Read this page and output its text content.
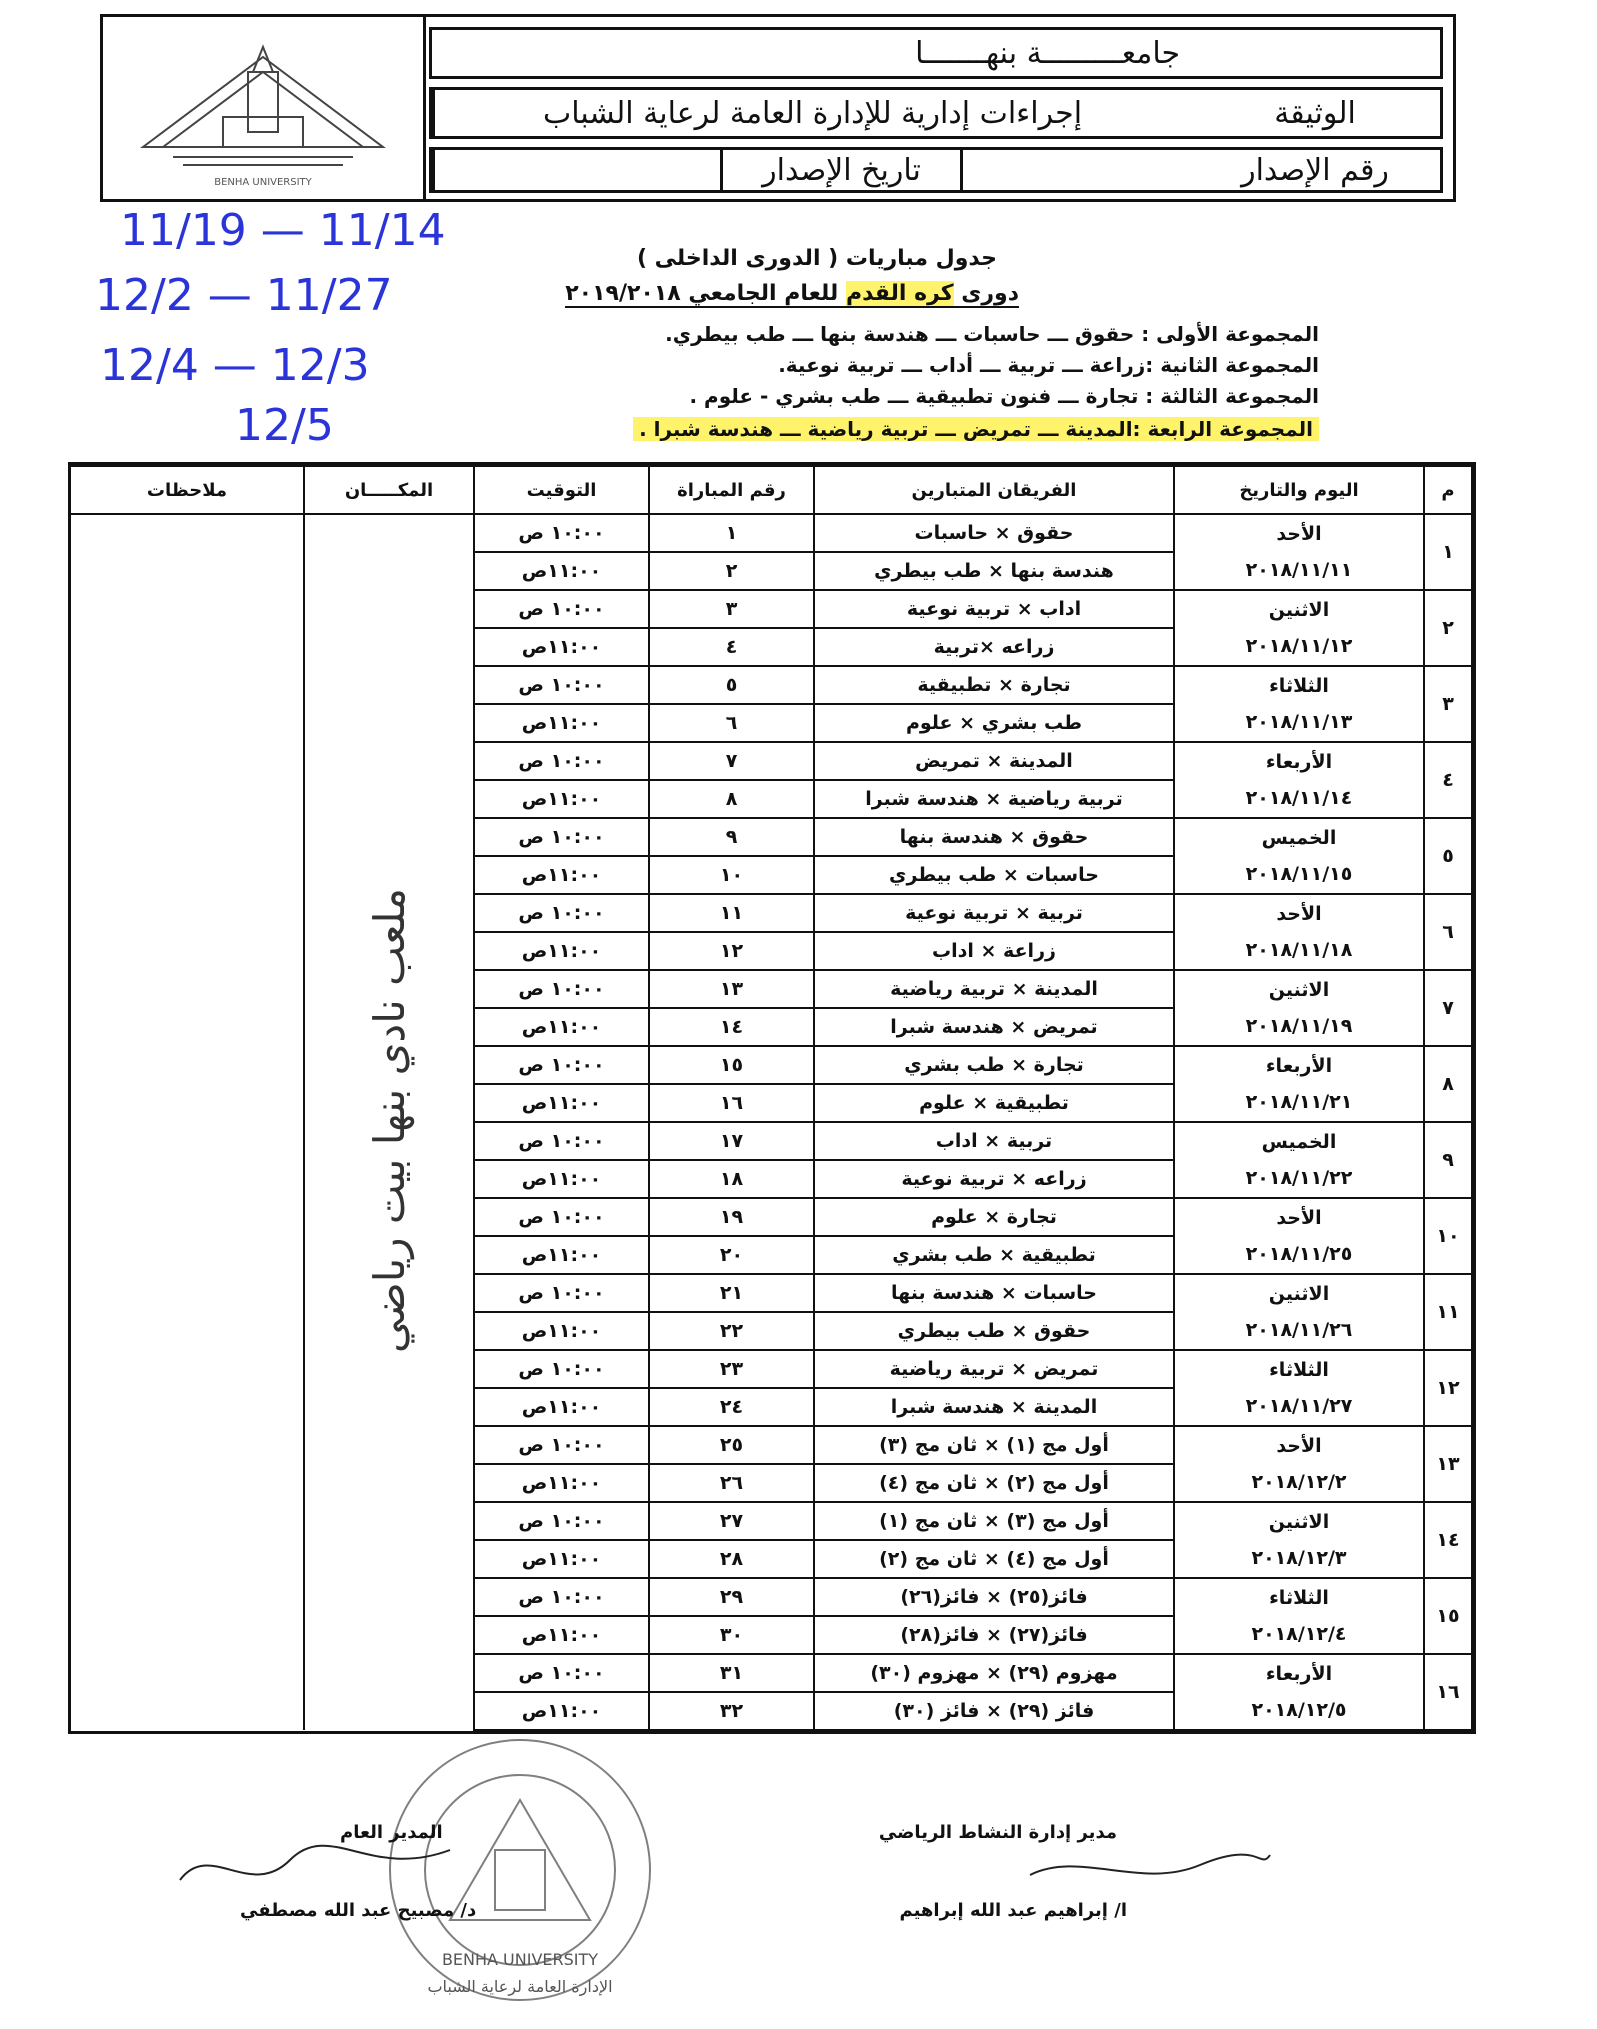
BENHA UNIVERSITY
جامعـــــــــة بنهـــــــا
الوثيقة
إجراءات إدارية للإدارة العامة لرعاية الشباب
رقم الإصدار
تاريخ الإصدار
11/19 — 11/14
12/2 — 11/27
12/4 — 12/3
12/5
جدول مباريات ( الدورى الداخلى )
دورى كره القدم للعام الجامعي ٢٠١٩/٢٠١٨
المجموعة الأولى : حقوق ـــ حاسبات ـــ هندسة بنها ـــ طب بيطري.
المجموعة الثانية :زراعة ـــ تربية ـــ أداب ـــ تربية نوعية.
المجموعة الثالثة : تجارة ـــ فنون تطبيقية ـــ طب بشري - علوم .
المجموعة الرابعة :المدينة ـــ تمريض ـــ تربية رياضية ـــ هندسة شبرا .
م	اليوم والتاريخ	الفريقان المتبارين	رقم المباراة	التوقيت	المكـــــان	ملاحظات
١	الأحد
٢٠١٨/١١/١١	حقوق × حاسبات	١	١٠:٠٠ ص	ملعب نادي بنها بيت رياضي	
		هندسة بنها × طب بيطري	٢	١١:٠٠ص		
٢	الاثنين
٢٠١٨/١١/١٢	اداب × تربية نوعية	٣	١٠:٠٠ ص		
		زراعه ×تربية	٤	١١:٠٠ص		
٣	الثلاثاء
٢٠١٨/١١/١٣	تجارة × تطبيقية	٥	١٠:٠٠ ص		
		طب بشري × علوم	٦	١١:٠٠ص		
٤	الأربعاء
٢٠١٨/١١/١٤	المدينة × تمريض	٧	١٠:٠٠ ص		
		تربية رياضية × هندسة شبرا	٨	١١:٠٠ص		
٥	الخميس
٢٠١٨/١١/١٥	حقوق × هندسة بنها	٩	١٠:٠٠ ص		
		حاسبات × طب بيطري	١٠	١١:٠٠ص		
٦	الأحد
٢٠١٨/١١/١٨	تربية × تربية نوعية	١١	١٠:٠٠ ص		
		زراعة × اداب	١٢	١١:٠٠ص		
٧	الاثنين
٢٠١٨/١١/١٩	المدينة × تربية رياضية	١٣	١٠:٠٠ ص		
		تمريض × هندسة شبرا	١٤	١١:٠٠ص		
٨	الأربعاء
٢٠١٨/١١/٢١	تجارة × طب بشري	١٥	١٠:٠٠ ص		
		تطبيقية × علوم	١٦	١١:٠٠ص		
٩	الخميس
٢٠١٨/١١/٢٢	تربية × اداب	١٧	١٠:٠٠ ص		
		زراعه × تربية نوعية	١٨	١١:٠٠ص		
١٠	الأحد
٢٠١٨/١١/٢٥	تجارة × علوم	١٩	١٠:٠٠ ص		
		تطبيقية × طب بشري	٢٠	١١:٠٠ص		
١١	الاثنين
٢٠١٨/١١/٢٦	حاسبات × هندسة بنها	٢١	١٠:٠٠ ص		
		حقوق × طب بيطري	٢٢	١١:٠٠ص		
١٢	الثلاثاء
٢٠١٨/١١/٢٧	تمريض × تربية رياضية	٢٣	١٠:٠٠ ص		
		المدينة × هندسة شبرا	٢٤	١١:٠٠ص		
١٣	الأحد
٢٠١٨/١٢/٢	أول مج (١) × ثان مج (٣)	٢٥	١٠:٠٠ ص		
		أول مج (٢) × ثان مج (٤)	٢٦	١١:٠٠ص		
١٤	الاثنين
٢٠١٨/١٢/٣	أول مج (٣) × ثان مج (١)	٢٧	١٠:٠٠ ص		
		أول مج (٤) × ثان مج (٢)	٢٨	١١:٠٠ص		
١٥	الثلاثاء
٢٠١٨/١٢/٤	فائز(٢٥) × فائز(٢٦)	٢٩	١٠:٠٠ ص		
		فائز(٢٧) × فائز(٢٨)	٣٠	١١:٠٠ص		
١٦	الأربعاء
٢٠١٨/١٢/٥	مهزوم (٢٩) × مهزوم (٣٠)	٣١	١٠:٠٠ ص		
		فائز (٢٩) × فائز (٣٠)	٣٢	١١:٠٠ص		
BENHA UNIVERSITY
الإدارة العامة لرعاية الشباب
مدير إدارة النشاط الرياضي
ا/ إبراهيم عبد الله إبراهيم
المدير العام
د/ مصبيح عبد الله مصطفي
